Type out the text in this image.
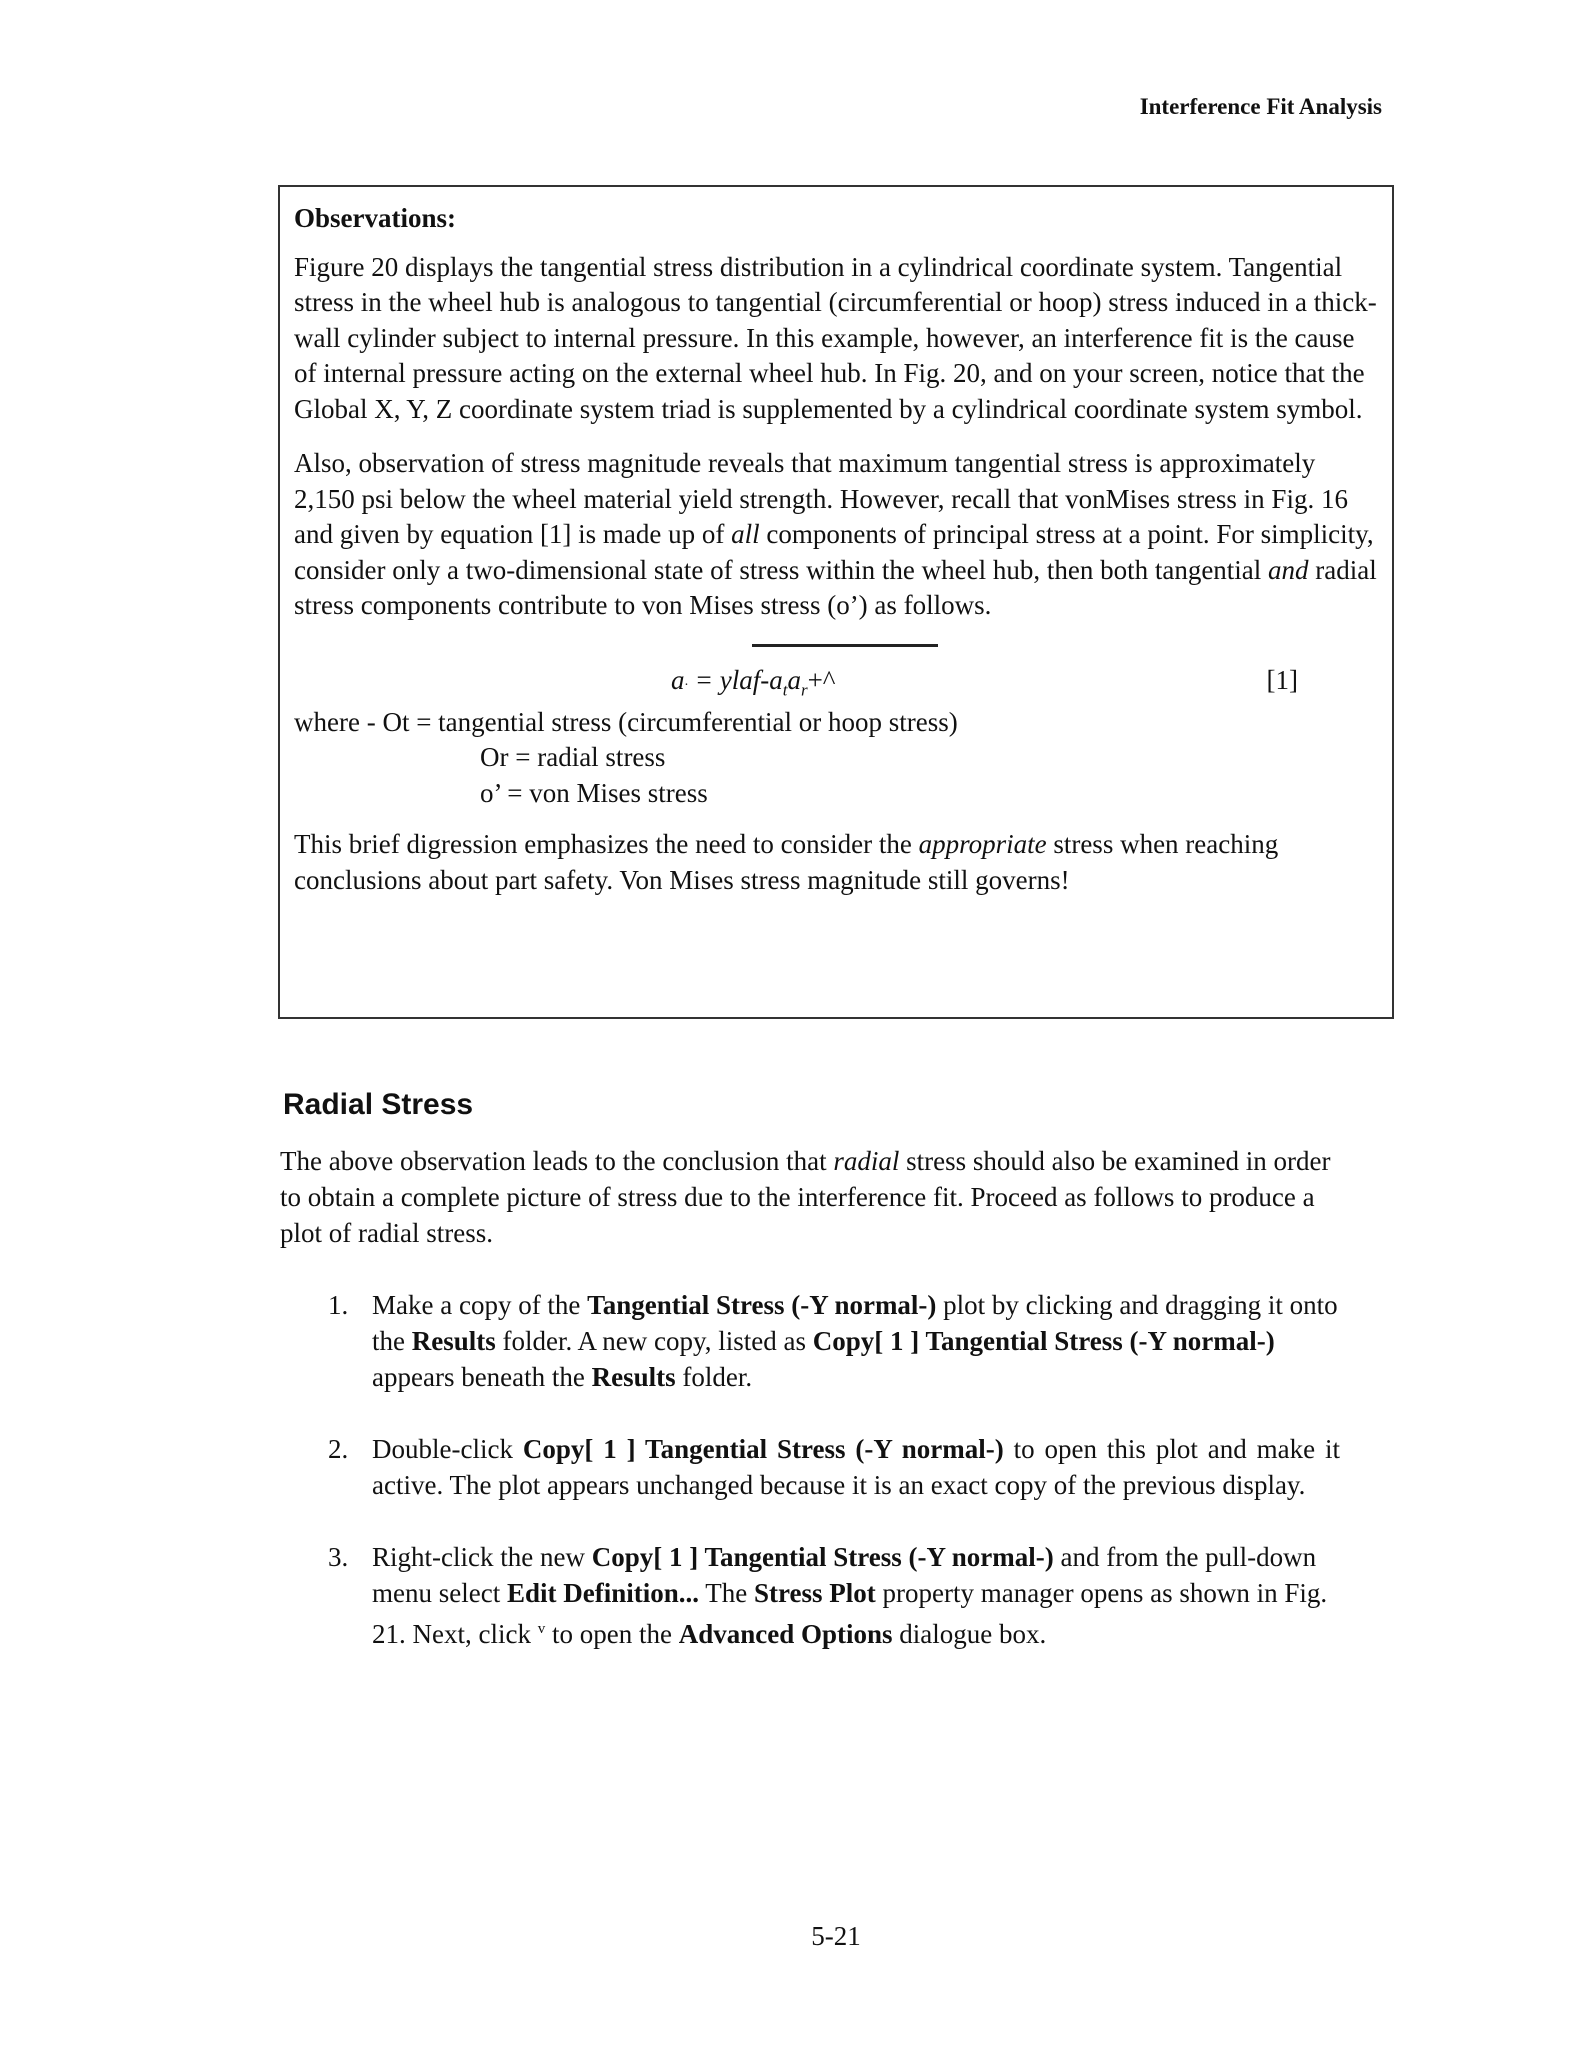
Interference Fit Analysis
Observations:

Figure 20 displays the tangential stress distribution in a cylindrical coordinate system. Tangential stress in the wheel hub is analogous to tangential (circumferential or hoop) stress induced in a thick-wall cylinder subject to internal pressure. In this example, however, an interference fit is the cause of internal pressure acting on the external wheel hub. In Fig. 20, and on your screen, notice that the Global X, Y, Z coordinate system triad is supplemented by a cylindrical coordinate system symbol.

Also, observation of stress magnitude reveals that maximum tangential stress is approximately 2,150 psi below the wheel material yield strength. However, recall that vonMises stress in Fig. 16 and given by equation [1] is made up of all components of principal stress at a point. For simplicity, consider only a two-dimensional state of stress within the wheel hub, then both tangential and radial stress components contribute to von Mises stress (o’) as follows.

a· = ylaf-$a_ta_r+\^{}$	[1]

where - Ot = tangential stress (circumferential or hoop stress)

Or = radial stress

o’ = von Mises stress

This brief digression emphasizes the need to consider the appropriate stress when reaching conclusions about part safety. Von Mises stress magnitude still governs!

Radial Stress

The above observation leads to the conclusion that radial stress should also be examined in order to obtain a complete picture of stress due to the interference fit. Proceed as follows to produce a plot of radial stress.

1. Make a copy of the Tangential Stress (-Y normal-) plot by clicking and dragging it onto the Results folder. A new copy, listed as Copy[ 1 ] Tangential Stress (-Y normal-) appears beneath the Results folder.
2. Double-click Copy[ 1 ] Tangential Stress (-Y normal-) to open this plot and make it active. The plot appears unchanged because it is an exact copy of the previous display.
3. Right-click the new Copy[ 1 ] Tangential Stress (-Y normal-) and from the pull-down menu select Edit Definition... The Stress Plot property manager opens as shown in Fig. 21. Next, click $^v$ to open the Advanced Options dialogue box.
5-21
